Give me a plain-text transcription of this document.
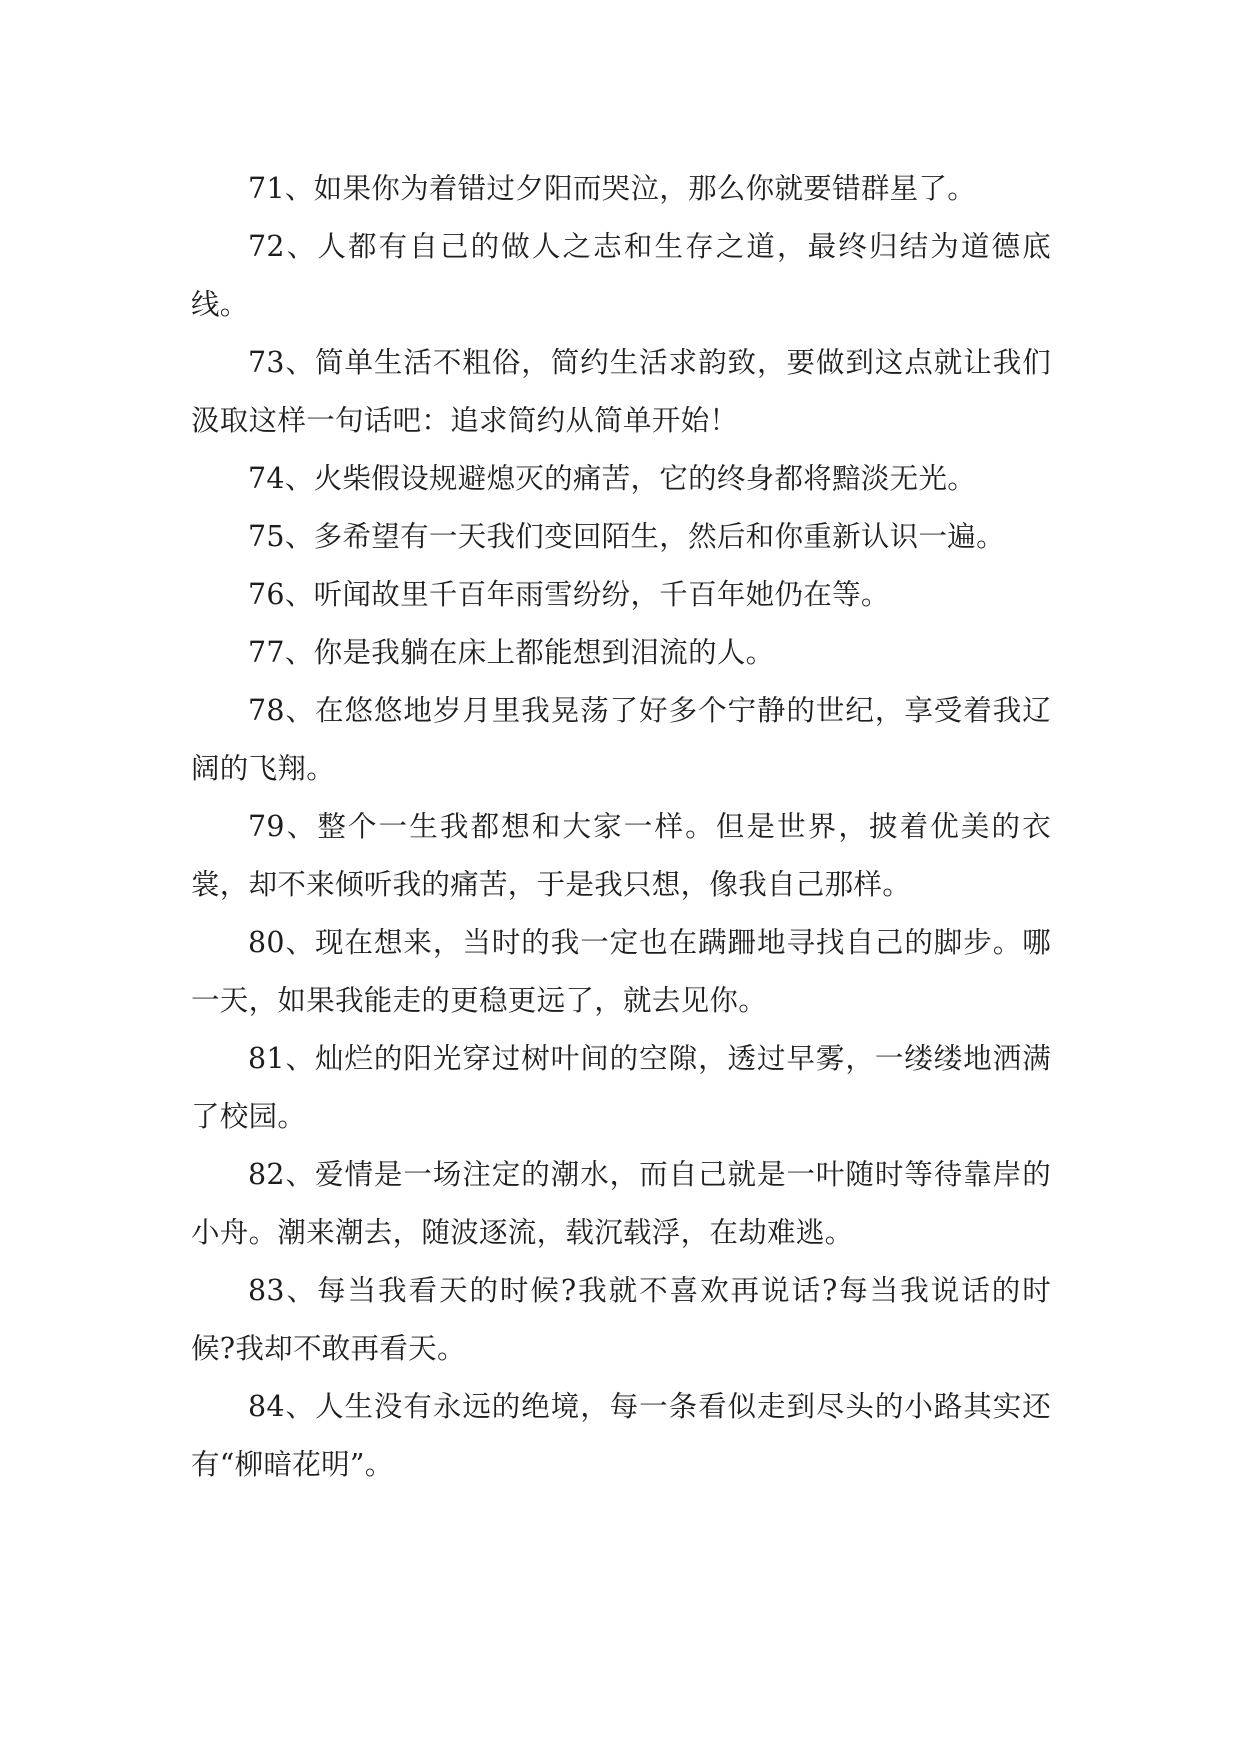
71、如果你为着错过夕阳而哭泣，那么你就要错群星了。

72、人都有自己的做人之志和生存之道，最终归结为道德底线。

73、简单生活不粗俗，简约生活求韵致，要做到这点就让我们汲取这样一句话吧：追求简约从简单开始！

74、火柴假设规避熄灭的痛苦，它的终身都将黯淡无光。

75、多希望有一天我们变回陌生，然后和你重新认识一遍。

76、听闻故里千百年雨雪纷纷，千百年她仍在等。

77、你是我躺在床上都能想到泪流的人。

78、在悠悠地岁月里我晃荡了好多个宁静的世纪，享受着我辽阔的飞翔。

79、整个一生我都想和大家一样。但是世界，披着优美的衣裳，却不来倾听我的痛苦，于是我只想，像我自己那样。

80、现在想来，当时的我一定也在蹒跚地寻找自己的脚步。哪一天，如果我能走的更稳更远了，就去见你。

81、灿烂的阳光穿过树叶间的空隙，透过早雾，一缕缕地洒满了校园。

82、爱情是一场注定的潮水，而自己就是一叶随时等待靠岸的小舟。潮来潮去，随波逐流，载沉载浮，在劫难逃。

83、每当我看天的时候?我就不喜欢再说话?每当我说话的时候?我却不敢再看天。

84、人生没有永远的绝境，每一条看似走到尽头的小路其实还有“柳暗花明”。
